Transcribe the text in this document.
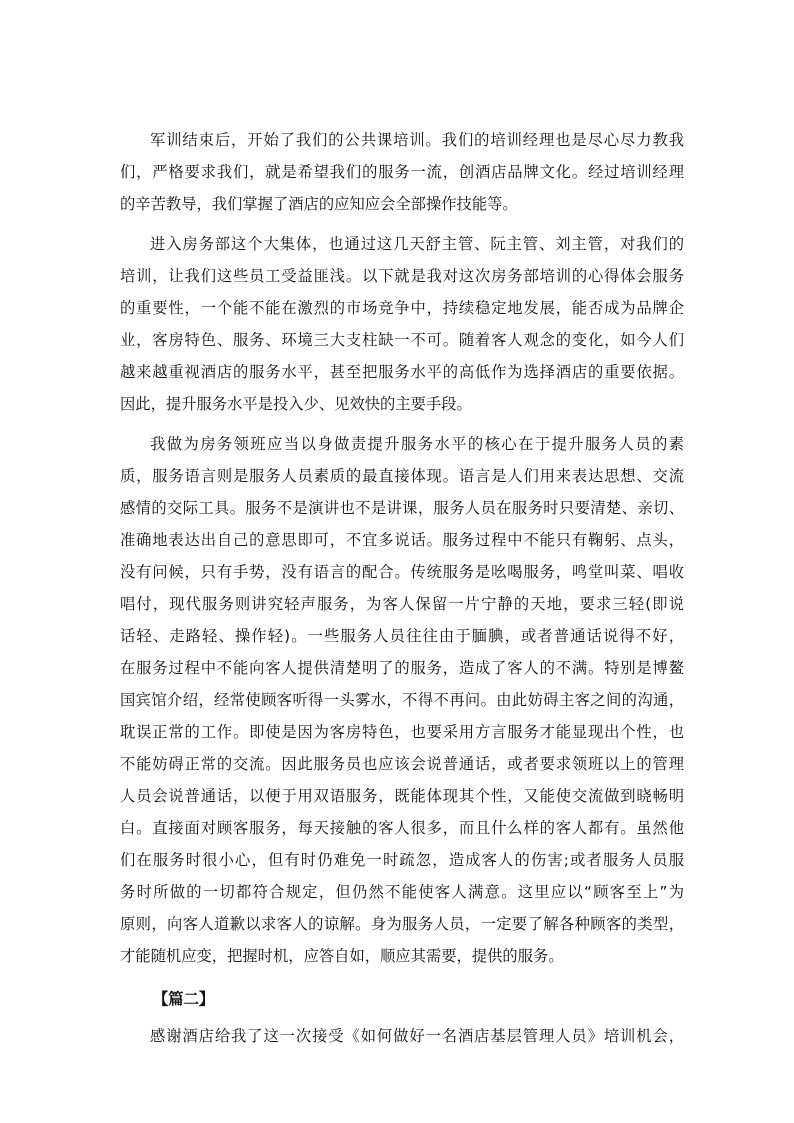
军训结束后，开始了我们的公共课培训。我们的培训经理也是尽心尽力教我
们，严格要求我们，就是希望我们的服务一流，创酒店品牌文化。经过培训经理
的辛苦教导，我们掌握了酒店的应知应会全部操作技能等。
进入房务部这个大集体，也通过这几天舒主管、阮主管、刘主管，对我们的
培训，让我们这些员工受益匪浅。以下就是我对这次房务部培训的心得体会服务
的重要性，一个能不能在激烈的市场竞争中，持续稳定地发展，能否成为品牌企
业，客房特色、服务、环境三大支柱缺一不可。随着客人观念的变化，如今人们
越来越重视酒店的服务水平，甚至把服务水平的高低作为选择酒店的重要依据。
因此，提升服务水平是投入少、见效快的主要手段。
我做为房务领班应当以身做责提升服务水平的核心在于提升服务人员的素
质，服务语言则是服务人员素质的最直接体现。语言是人们用来表达思想、交流
感情的交际工具。服务不是演讲也不是讲课，服务人员在服务时只要清楚、亲切、
准确地表达出自己的意思即可，不宜多说话。服务过程中不能只有鞠躬、点头，
没有问候，只有手势，没有语言的配合。传统服务是吆喝服务，鸣堂叫菜、唱收
唱付，现代服务则讲究轻声服务，为客人保留一片宁静的天地，要求三轻(即说
话轻、走路轻、操作轻)。一些服务人员往往由于腼腆，或者普通话说得不好，
在服务过程中不能向客人提供清楚明了的服务，造成了客人的不满。特别是博鳌
国宾馆介绍，经常使顾客听得一头雾水，不得不再问。由此妨碍主客之间的沟通，
耽误正常的工作。即使是因为客房特色，也要采用方言服务才能显现出个性，也
不能妨碍正常的交流。因此服务员也应该会说普通话，或者要求领班以上的管理
人员会说普通话，以便于用双语服务，既能体现其个性，又能使交流做到晓畅明
白。直接面对顾客服务，每天接触的客人很多，而且什么样的客人都有。虽然他
们在服务时很小心，但有时仍难免一时疏忽，造成客人的伤害;或者服务人员服
务时所做的一切都符合规定，但仍然不能使客人满意。这里应以“顾客至上”为
原则，向客人道歉以求客人的谅解。身为服务人员，一定要了解各种顾客的类型，
才能随机应变，把握时机，应答自如，顺应其需要，提供的服务。
【篇二】
感谢酒店给我了这一次接受《如何做好一名酒店基层管理人员》培训机会，
